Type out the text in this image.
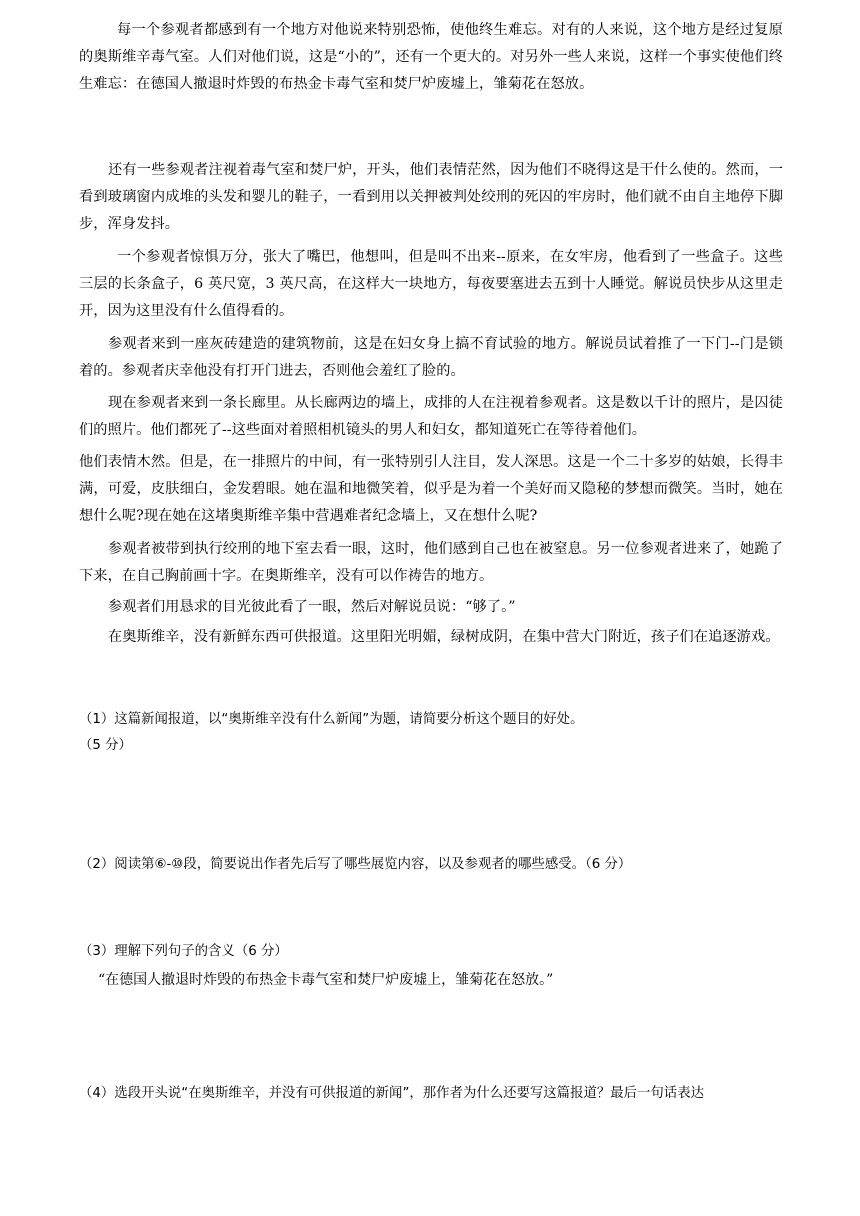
每一个参观者都感到有一个地方对他说来特别恐怖，使他终生难忘。对有的人来说，这个地方是经过复原的奥斯维辛毒气室。人们对他们说，这是“小的”，还有一个更大的。对另外一些人来说，这样一个事实使他们终生难忘：在德国人撤退时炸毁的布热金卡毒气室和焚尸炉废墟上，雏菊花在怒放。

还有一些参观者注视着毒气室和焚尸炉，开头，他们表情茫然，因为他们不晓得这是干什么使的。然而，一看到玻璃窗内成堆的头发和婴儿的鞋子，一看到用以关押被判处绞刑的死囚的牢房时，他们就不由自主地停下脚步，浑身发抖。

一个参观者惊惧万分，张大了嘴巴，他想叫，但是叫不出来--原来，在女牢房，他看到了一些盒子。这些三层的长条盒子，6 英尺宽，3 英尺高，在这样大一块地方，每夜要塞进去五到十人睡觉。解说员快步从这里走开，因为这里没有什么值得看的。

参观者来到一座灰砖建造的建筑物前，这是在妇女身上搞不育试验的地方。解说员试着推了一下门--门是锁着的。参观者庆幸他没有打开门进去，否则他会羞红了脸的。

现在参观者来到一条长廊里。从长廊两边的墙上，成排的人在注视着参观者。这是数以千计的照片，是囚徒们的照片。他们都死了--这些面对着照相机镜头的男人和妇女，都知道死亡在等待着他们。

他们表情木然。但是，在一排照片的中间，有一张特别引人注目，发人深思。这是一个二十多岁的姑娘，长得丰满，可爱，皮肤细白，金发碧眼。她在温和地微笑着，似乎是为着一个美好而又隐秘的梦想而微笑。当时，她在想什么呢?现在她在这堵奥斯维辛集中营遇难者纪念墙上，又在想什么呢?

参观者被带到执行绞刑的地下室去看一眼，这时，他们感到自己也在被窒息。另一位参观者进来了，她跪了下来，在自己胸前画十字。在奥斯维辛，没有可以作祷告的地方。

参观者们用恳求的目光彼此看了一眼，然后对解说员说：“够了。”

在奥斯维辛，没有新鲜东西可供报道。这里阳光明媚，绿树成阴，在集中营大门附近，孩子们在追逐游戏。

（1）这篇新闻报道，以“奥斯维辛没有什么新闻”为题，请简要分析这个题目的好处。

（5 分）

（2）阅读第⑥-⑩段，简要说出作者先后写了哪些展览内容，以及参观者的哪些感受。（6 分）

（3）理解下列句子的含义（6 分）

“在德国人撤退时炸毁的布热金卡毒气室和焚尸炉废墟上，雏菊花在怒放。”

（4）选段开头说“在奥斯维辛，并没有可供报道的新闻”，那作者为什么还要写这篇报道？最后一句话表达
